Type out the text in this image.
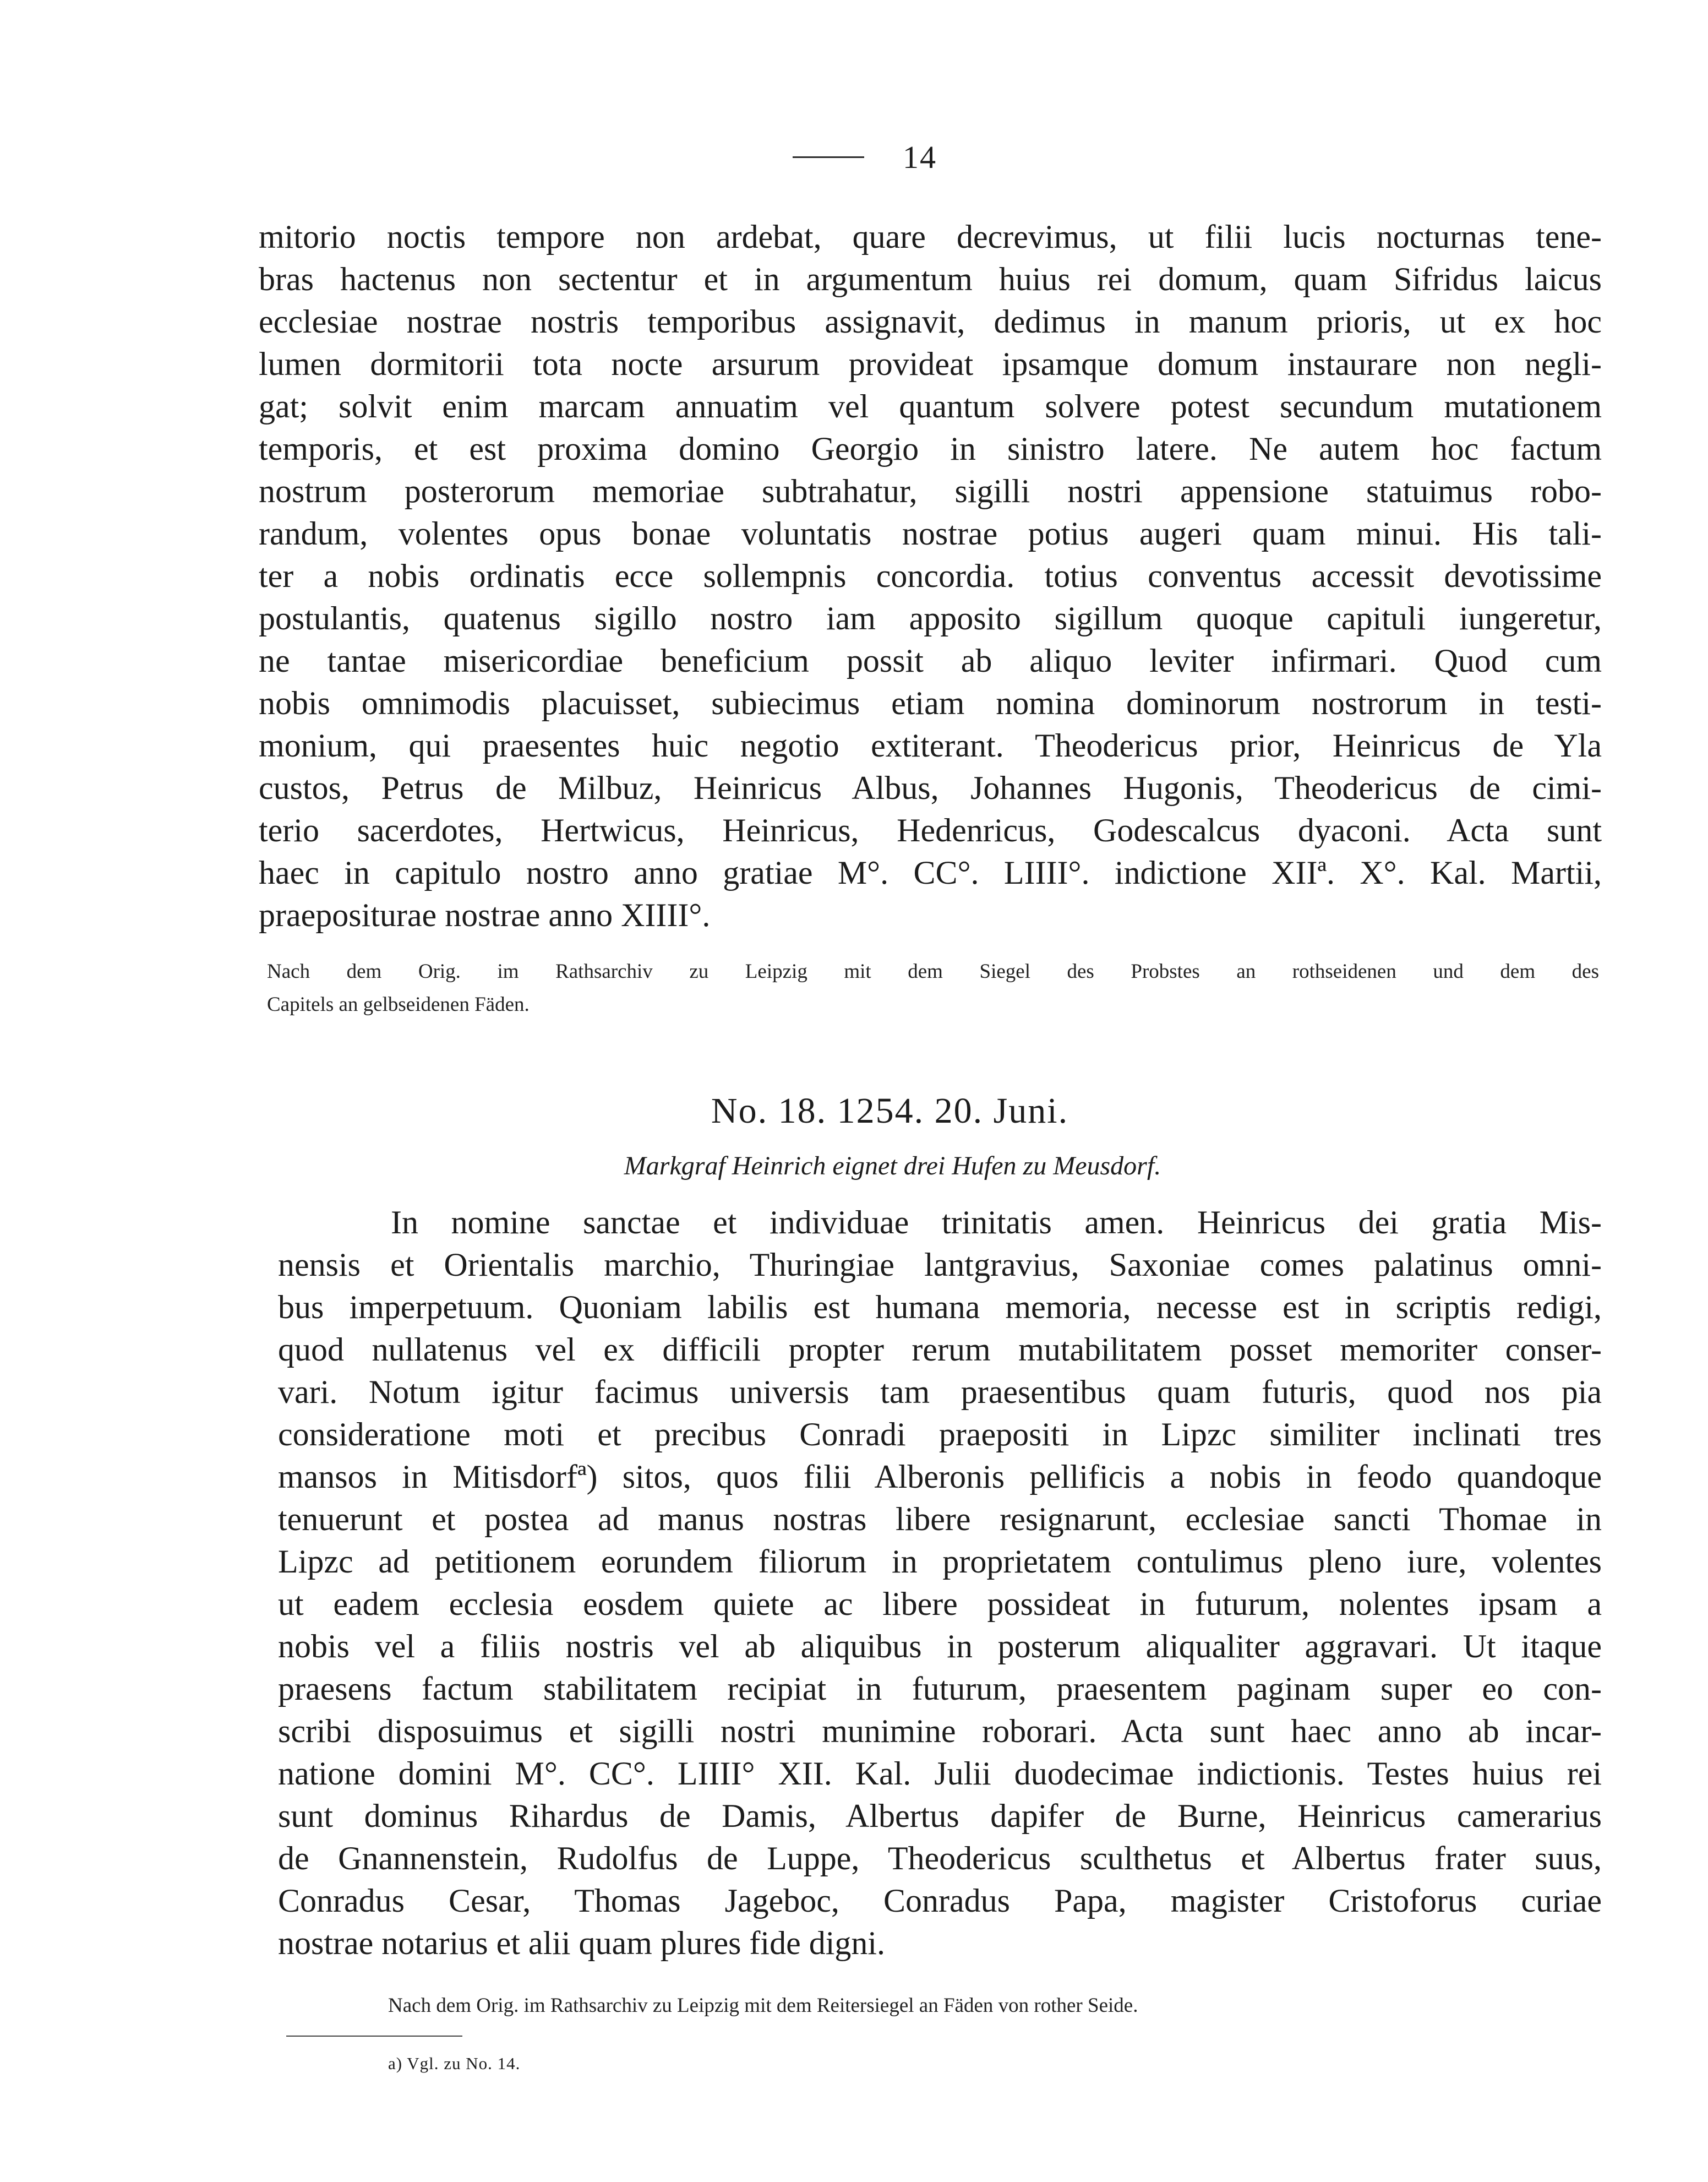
14
mitorio noctis tempore non ardebat, quare decrevimus, ut filii lucis nocturnas tene-
bras hactenus non sectentur et in argumentum huius rei domum, quam Sifridus laicus
ecclesiae nostrae nostris temporibus assignavit, dedimus in manum prioris, ut ex hoc
lumen dormitorii tota nocte arsurum provideat ipsamque domum instaurare non negli-
gat; solvit enim marcam annuatim vel quantum solvere potest secundum mutationem
temporis, et est proxima domino Georgio in sinistro latere. Ne autem hoc factum
nostrum posterorum memoriae subtrahatur, sigilli nostri appensione statuimus robo-
randum, volentes opus bonae voluntatis nostrae potius augeri quam minui. His tali-
ter a nobis ordinatis ecce sollempnis concordia. totius conventus accessit devotissime
postulantis, quatenus sigillo nostro iam apposito sigillum quoque capituli iungeretur,
ne tantae misericordiae beneficium possit ab aliquo leviter infirmari. Quod cum
nobis omnimodis placuisset, subiecimus etiam nomina dominorum nostrorum in testi-
monium, qui praesentes huic negotio extiterant. Theodericus prior, Heinricus de Yla
custos, Petrus de Milbuz, Heinricus Albus, Johannes Hugonis, Theodericus de cimi-
terio sacerdotes, Hertwicus, Heinricus, Hedenricus, Godescalcus dyaconi. Acta sunt
haec in capitulo nostro anno gratiae M°. CC°. LIIII°. indictione XIIª. X°. Kal. Martii,
praepositurae nostrae anno XIIII°.
Nach dem Orig. im Rathsarchiv zu Leipzig mit dem Siegel des Probstes an rothseidenen und dem des
Capitels an gelbseidenen Fäden.
No. 18. 1254. 20. Juni.
Markgraf Heinrich eignet drei Hufen zu Meusdorf.
In nomine sanctae et individuae trinitatis amen. Heinricus dei gratia Mis-
nensis et Orientalis marchio, Thuringiae lantgravius, Saxoniae comes palatinus omni-
bus imperpetuum. Quoniam labilis est humana memoria, necesse est in scriptis redigi,
quod nullatenus vel ex difficili propter rerum mutabilitatem posset memoriter conser-
vari. Notum igitur facimus universis tam praesentibus quam futuris, quod nos pia
consideratione moti et precibus Conradi praepositi in Lipzc similiter inclinati tres
mansos in Mitisdorfª) sitos, quos filii Alberonis pellificis a nobis in feodo quandoque
tenuerunt et postea ad manus nostras libere resignarunt, ecclesiae sancti Thomae in
Lipzc ad petitionem eorundem filiorum in proprietatem contulimus pleno iure, volentes
ut eadem ecclesia eosdem quiete ac libere possideat in futurum, nolentes ipsam a
nobis vel a filiis nostris vel ab aliquibus in posterum aliqualiter aggravari. Ut itaque
praesens factum stabilitatem recipiat in futurum, praesentem paginam super eo con-
scribi disposuimus et sigilli nostri munimine roborari. Acta sunt haec anno ab incar-
natione domini M°. CC°. LIIII° XII. Kal. Julii duodecimae indictionis. Testes huius rei
sunt dominus Rihardus de Damis, Albertus dapifer de Burne, Heinricus camerarius
de Gnannenstein, Rudolfus de Luppe, Theodericus sculthetus et Albertus frater suus,
Conradus Cesar, Thomas Jageboc, Conradus Papa, magister Cristoforus curiae
nostrae notarius et alii quam plures fide digni.
Nach dem Orig. im Rathsarchiv zu Leipzig mit dem Reitersiegel an Fäden von rother Seide.
a) Vgl. zu No. 14.
